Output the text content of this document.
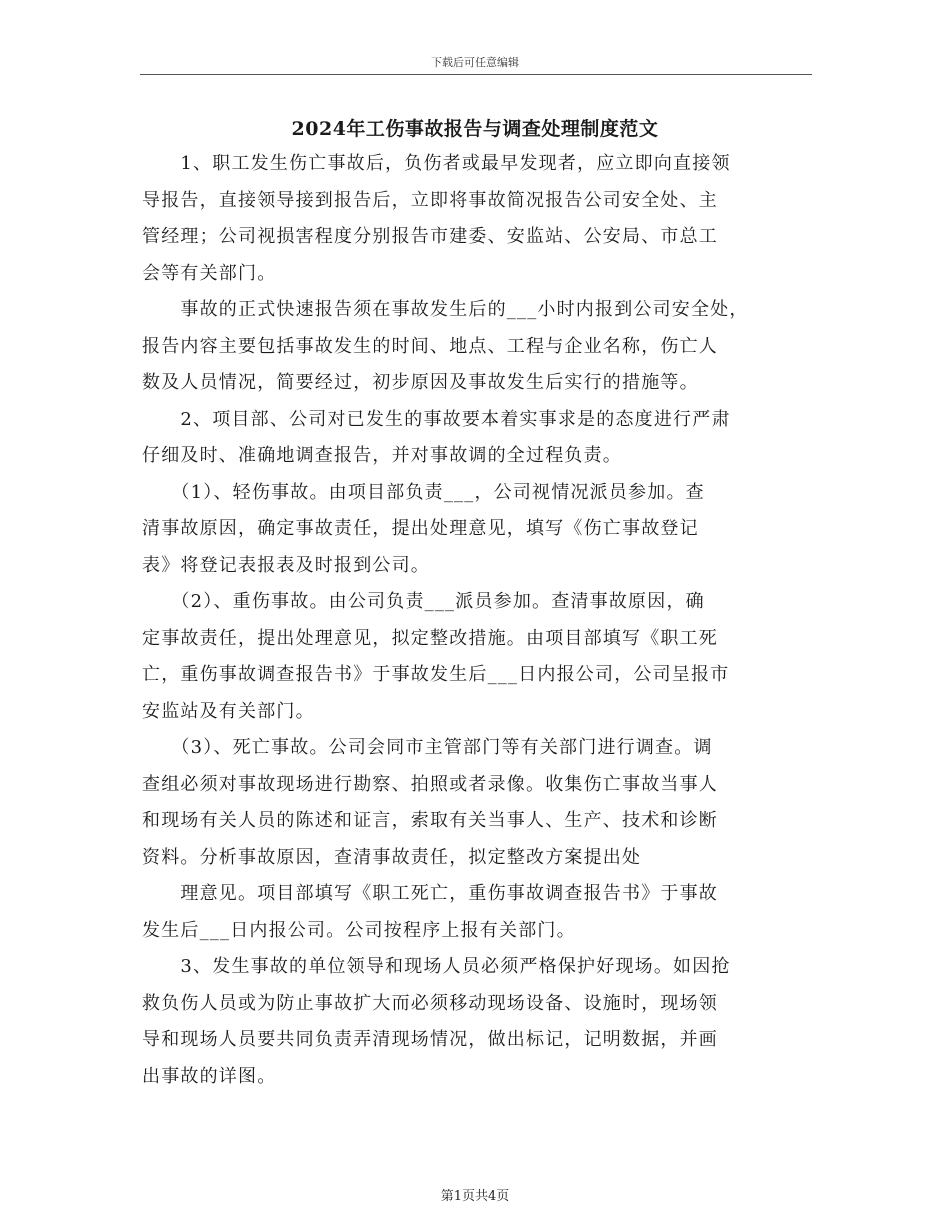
下载后可任意编辑
2024年工伤事故报告与调查处理制度范文
　　1、职工发生伤亡事故后，负伤者或最早发现者，应立即向直接领
导报告，直接领导接到报告后，立即将事故简况报告公司安全处、主
管经理；公司视损害程度分别报告市建委、安监站、公安局、市总工
会等有关部门。
　　事故的正式快速报告须在事故发生后的___小时内报到公司安全处，
报告内容主要包括事故发生的时间、地点、工程与企业名称，伤亡人
数及人员情况，简要经过，初步原因及事故发生后实行的措施等。
　　2、项目部、公司对已发生的事故要本着实事求是的态度进行严肃
仔细及时、准确地调查报告，并对事故调的全过程负责。
　　（1）、轻伤事故。由项目部负责___，公司视情况派员参加。查
清事故原因，确定事故责任，提出处理意见，填写《伤亡事故登记
表》将登记表报表及时报到公司。
　　（2）、重伤事故。由公司负责___派员参加。查清事故原因，确
定事故责任，提出处理意见，拟定整改措施。由项目部填写《职工死
亡，重伤事故调查报告书》于事故发生后___日内报公司，公司呈报市
安监站及有关部门。
　　（3）、死亡事故。公司会同市主管部门等有关部门进行调查。调
查组必须对事故现场进行勘察、拍照或者录像。收集伤亡事故当事人
和现场有关人员的陈述和证言，索取有关当事人、生产、技术和诊断
资料。分析事故原因，查清事故责任，拟定整改方案提出处
　　理意见。项目部填写《职工死亡，重伤事故调查报告书》于事故
发生后___日内报公司。公司按程序上报有关部门。
　　3、发生事故的单位领导和现场人员必须严格保护好现场。如因抢
救负伤人员或为防止事故扩大而必须移动现场设备、设施时，现场领
导和现场人员要共同负责弄清现场情况，做出标记，记明数据，并画
出事故的详图。
第1页共4页
